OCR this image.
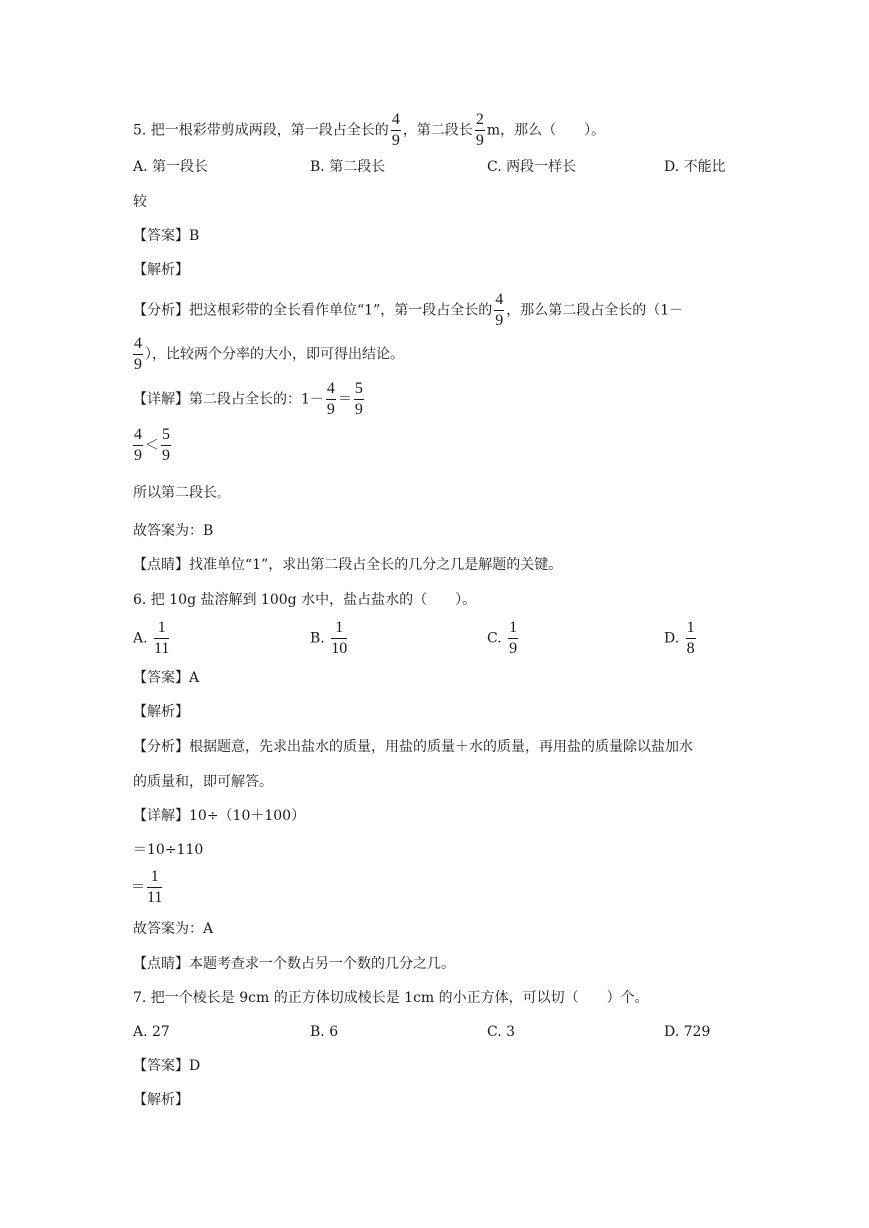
5. 把一根彩带剪成两段，第一段占全长的 $\frac{4}{9}$ ，第二段长 $\frac{2}{9}$ m，那么（　　）。
A. 第一段长	B. 第二段长	C. 两段一样长	D. 不能比
较
【答案】B
【解析】
【分析】把这根彩带的全长看作单位“1”，第一段占全长的 $\frac{4}{9}$ ，那么第二段占全长的（1－
$\frac{4}{9}$ ），比较两个分率的大小，即可得出结论。
【详解】第二段占全长的：$1- \frac{4}{9} = \frac{5}{9}$
$\frac{4}{9} < \frac{5}{9}$
所以第二段长。
故答案为：B
【点睛】找准单位“1”，求出第二段占全长的几分之几是解题的关键。
6. 把 10g 盐溶解到 100g 水中，盐占盐水的（　　）。
A. $\frac{1}{11}$	B. $\frac{1}{10}$	C. $\frac{1}{9}$	D. $\frac{1}{8}$
【答案】A
【解析】
【分析】根据题意，先求出盐水的质量，用盐的质量＋水的质量，再用盐的质量除以盐加水
的质量和，即可解答。
【详解】10÷（10＋100）
＝10÷110
＝ $\frac{1}{11}$
故答案为：A
【点睛】本题考查求一个数占另一个数的几分之几。
7. 把一个棱长是 9cm 的正方体切成棱长是 1cm 的小正方体，可以切（　　）个。
A. 27	B. 6	C. 3	D. 729
【答案】D
【解析】
